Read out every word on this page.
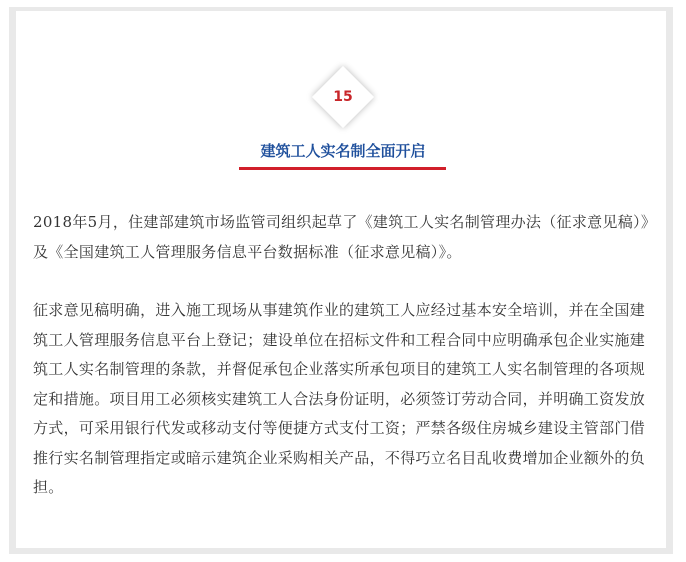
15
建筑工人实名制全面开启

2018年5月，住建部建筑市场监管司组织起草了《建筑工人实名制管理办法（征求意见稿）》及《全国建筑工人管理服务信息平台数据标准（征求意见稿）》。

征求意见稿明确，进入施工现场从事建筑作业的建筑工人应经过基本安全培训，并在全国建筑工人管理服务信息平台上登记；建设单位在招标文件和工程合同中应明确承包企业实施建筑工人实名制管理的条款，并督促承包企业落实所承包项目的建筑工人实名制管理的各项规定和措施。项目用工必须核实建筑工人合法身份证明，必须签订劳动合同，并明确工资发放方式，可采用银行代发或移动支付等便捷方式支付工资；严禁各级住房城乡建设主管部门借推行实名制管理指定或暗示建筑企业采购相关产品，不得巧立名目乱收费增加企业额外的负担。
